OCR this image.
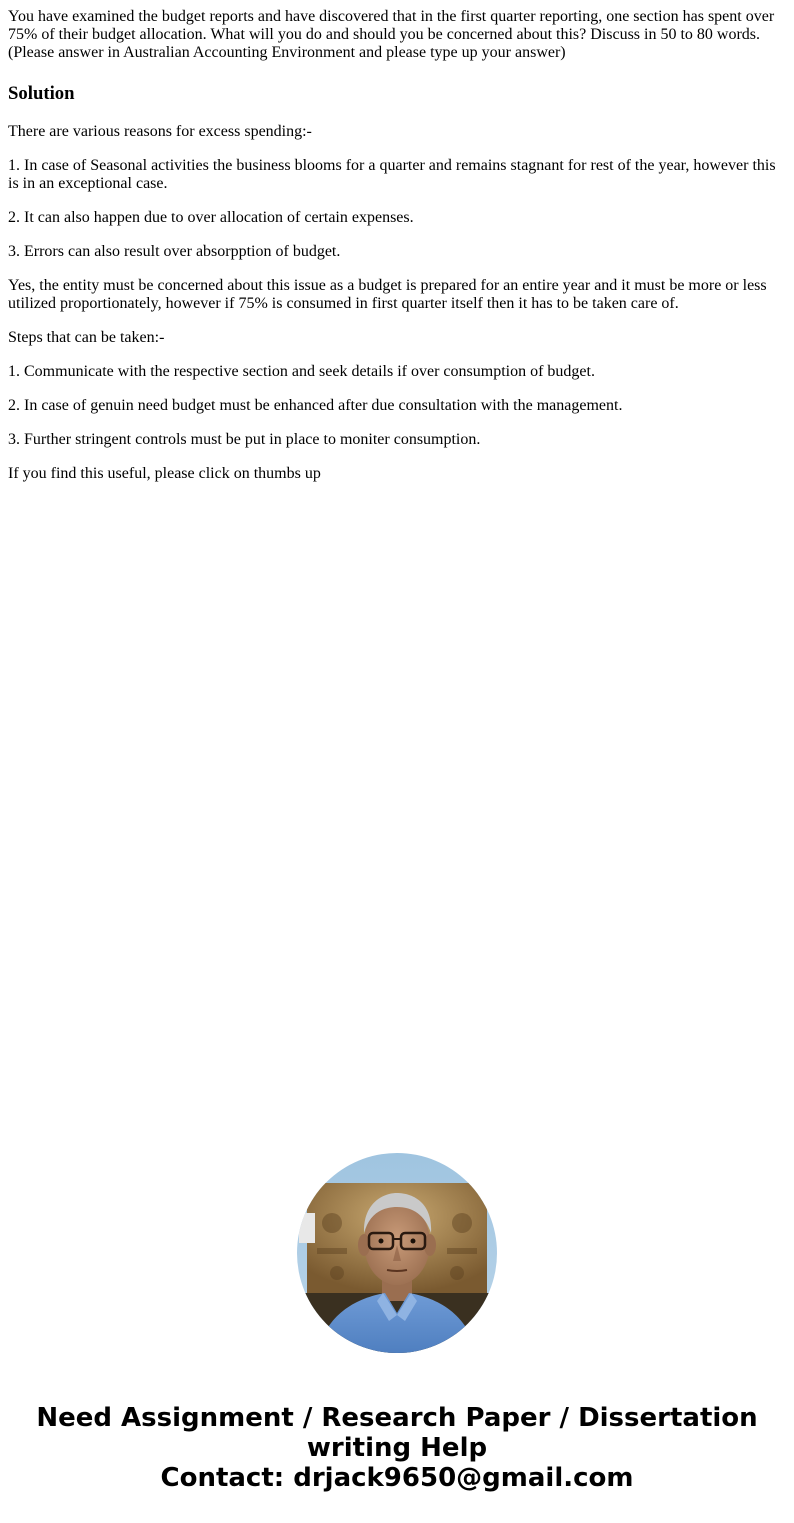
You have examined the budget reports and have discovered that in the first quarter reporting, one section has spent over 75% of their budget allocation. What will you do and should you be concerned about this? Discuss in 50 to 80 words. (Please answer in Australian Accounting Environment and please type up your answer)

Solution

There are various reasons for excess spending:-

1. In case of Seasonal activities the business blooms for a quarter and remains stagnant for rest of the year, however this is in an exceptional case.

2. It can also happen due to over allocation of certain expenses.

3. Errors can also result over absorpption of budget.

Yes, the entity must be concerned about this issue as a budget is prepared for an entire year and it must be more or less utilized proportionately, however if 75% is consumed in first quarter itself then it has to be taken care of.

Steps that can be taken:-

1. Communicate with the respective section and seek details if over consumption of budget.

2. In case of genuin need budget must be enhanced after due consultation with the management.

3. Further stringent controls must be put in place to moniter consumption.

If you find this useful, please click on thumbs up

Need Assignment / Research Paper / Dissertation writing Help
Contact: drjack9650@gmail.com
